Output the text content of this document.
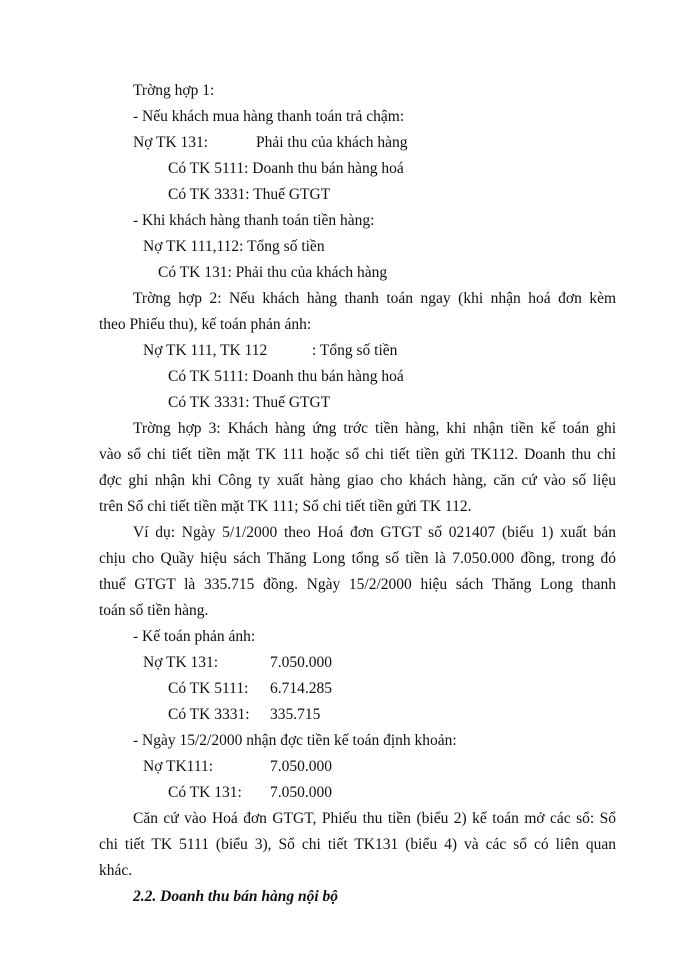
Trờng hợp 1:
- Nếu khách mua hàng thanh toán trả chậm:
Nợ TK 131:	Phải thu của khách hàng
Có TK 5111: Doanh thu bán hàng hoá
Có TK 3331: Thuế GTGT
- Khi khách hàng thanh toán tiền hàng:
Nợ TK 111,112: Tổng số tiền
Có TK 131: Phải thu của khách hàng
Trờng hợp 2: Nếu khách hàng thanh toán ngay (khi nhận hoá đơn kèm
theo Phiếu thu), kế toán phản ánh:
Nợ TK 111, TK 112	: Tổng số tiền
Có TK 5111: Doanh thu bán hàng hoá
Có TK 3331: Thuế GTGT
Trờng hợp 3: Khách hàng ứng trớc tiền hàng, khi nhận tiền kế toán ghi
vào sổ chi tiết tiền mặt TK 111 hoặc sổ chi tiết tiền gửi TK112. Doanh thu chỉ
đợc ghi nhận khi Công ty xuất hàng giao cho khách hàng, căn cứ vào số liệu
trên Sổ chi tiết tiền mặt TK 111; Sổ chi tiết tiền gửi TK 112.
Ví dụ: Ngày 5/1/2000 theo Hoá đơn GTGT số 021407 (biểu 1) xuất bán
chịu cho Quầy hiệu sách Thăng Long tổng số tiền là 7.050.000 đồng, trong đó
thuế GTGT là 335.715 đồng. Ngày 15/2/2000 hiệu sách Thăng Long thanh
toán số tiền hàng.
- Kế toán phản ánh:
Nợ TK 131:	7.050.000
Có TK 5111: 6.714.285
Có TK 3331: 335.715
- Ngày 15/2/2000 nhận đợc tiền kế toán định khoản:
Nợ TK111:	7.050.000
Có TK 131: 7.050.000
Căn cứ vào Hoá đơn GTGT, Phiếu thu tiền (biểu 2) kế toán mở các sổ: Sổ
chi tiết TK 5111 (biểu 3), Sổ chi tiết TK131 (biểu 4) và các sổ có liên quan
khác.
2.2. Doanh thu bán hàng nội bộ
